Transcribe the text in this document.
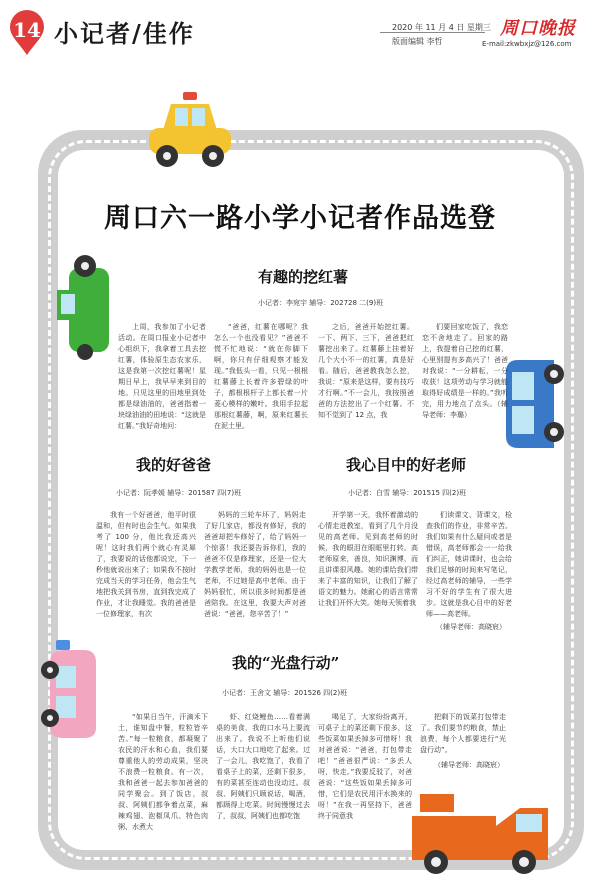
14 小记者/佳作	2020 年 11 月 4 日 星期三
版面编辑 李哲
周口晚报
E-mail:zkwbxjz@126.com
周口六一路小学小记者作品选登
有趣的挖红薯
小记者：李宛宇 辅导：202728 二(9)班

上周，我参加了小记者活动。在周口报业小记者中心组织下，我拿着工具去挖红薯，体验原生态农家乐，这是我第一次挖红薯呢！星期日早上，我早早来到目的地。只见这里的田地里到处都是绿油油的，爸爸指着一块绿油油的田地说：“这就是红薯。”我好奇地问：

“爸爸，红薯在哪呢？我怎么一个也没看见？”爸爸不慌不忙地说：“就在你脚下啊，你只有仔细观察才能发现。”我低头一看，只见一根根红薯藤上长着许多碧绿的叶子，都根根杆子上都长着一片菱心模样的嫩叶。我用手拉起那根红薯藤，啊，原来红薯长在泥土里。

之后，爸爸开始挖红薯。一下、两下、三下，爸爸把红薯挖出来了。红薯藤上挂着好几个大小不一的红薯，真是好看。随后，爸爸教我怎么挖，我说：“原来是这样，要有技巧才行啊。”不一会儿，我按照爸爸的方法挖出了一个红薯。不知不觉到了 12 点，我

们要回家吃饭了，我恋恋不舍地走了。回家的路上，我提着自己挖的红薯，心里别提有多高兴了！爸爸对我说：“一分耕耘，一分收获！这项劳动与学习就能取得好成绩是一样的。”我听完，用力地点了点头。（辅导老师：李璐）

我的好爸爸
小记者：阮孝媛 辅导：201587 四(7)班

我有一个好爸爸，他平时很温和，但有时也会生气。如果我考了 100 分，他比我还高兴呢！这时我们两个就心有灵犀了，我要说的话他都说完，下一秒他就说出来了；如果我不按时完成当天的学习任务，他会生气地把我关到书房，直到我完成了作业，才让我睡觉。我的爸爸是一位修理家，有次

妈妈的三轮车坏了，妈妈走了好几家店，都没有修好，我的爸爸却把车修好了，给了妈妈一个惊喜！我还要告诉你们，我的爸爸不仅是修理家，还是一位大学教学老师，我的妈妈也是一位老师，不过她是高中老师。由于妈妈很忙，所以很多时间都是爸爸陪我。在这里，我要大声对爸爸说：“爸爸，您辛苦了！”

我心目中的好老师
小记者：白雪 辅导：201515 四(2)班

开学第一天，我怀着激动的心情走进教室，看到了几个月没见的高老师。见到高老师的时候，我的眼泪在眼眶里打转。高老师原来，善良，知识渊博，而且讲课很风趣。她的课给我们带来了丰富的知识，让我们了解了语文的魅力。她耐心的语言常常让我们开怀大笑。她每天领着我

们读课文、背课文，检查我们的作业，非常辛苦。我们如果有什么疑问或者是错误，高老师都会一一给我们纠正，她讲课时，也会给我们足够的时间来写笔记，经过高老师的辅导，一些学习不好的学生有了很大进步。这就是我心目中的好老师——高老师。

（辅导老师：高晓宸）
我的“光盘行动”
小记者：王舍文 辅导：201526 四(2)班

“如果日当午，汗滴禾下土，谁知盘中餐，粒粒皆辛苦。”每一粒粮食，都凝聚了农民的汗水和心血，我们要尊重他人的劳动成果，坚决不浪费一粒粮食。有一次，我和爸爸一起去参加爸爸的同学聚会。到了饭店，叔叔、阿姨们都争着点菜，麻辣鸡翅、泡椒凤爪、特色肉粥、水煮大

虾、红烧鲤鱼……看着满桌的美食，我的口水马上要流出来了。我说不上听他们说话，大口大口地吃了起来。过了一会儿，我吃饱了，我看了看桌子上的菜，还剩下很多，有的菜甚至连动也没动过。叔叔、阿姨们只顾说话，喝酒，都顾得上吃菜。时间慢慢过去了，叔叔、阿姨们也都吃饱

喝足了，大家纷纷离开，可桌子上的菜还剩下很多，这些饭菜如果丢掉多可惜呀！我对爸爸说：“爸爸，打包带走吧！”爸爸很严说：“多丢人呀，快走。”我要反驳了，对爸爸说：“这些饭如果丢掉多可惜，它们是农民用汗水换来的呀！”在我一再坚持下，爸爸终于同意我

把剩下的饭菜打包带走了。我们要节约粮食，禁止浪费，每个人都要进行“光盘行动”。

（辅导老师：高晓宸）
